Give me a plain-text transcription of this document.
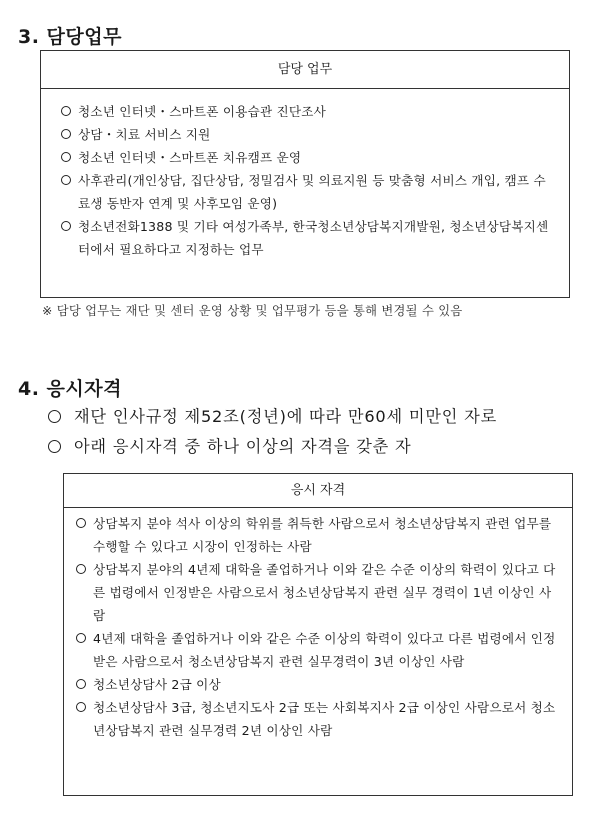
3. 담당업무
담당 업무
청소년 인터넷・스마트폰 이용습관 진단조사
상담・치료 서비스 지원
청소년 인터넷・스마트폰 치유캠프 운영
사후관리(개인상담, 집단상담, 정밀검사 및 의료지원 등 맞춤형 서비스 개입, 캠프 수료생 동반자 연계 및 사후모임 운영)
청소년전화1388 및 기타 여성가족부, 한국청소년상담복지개발원, 청소년상담복지센터에서 필요하다고 지정하는 업무

※ 담당 업무는 재단 및 센터 운영 상황 및 업무평가 등을 통해 변경될 수 있음

4. 응시자격
재단 인사규정 제52조(정년)에 따라 만60세 미만인 자로
아래 응시자격 중 하나 이상의 자격을 갖춘 자
응시 자격
상담복지 분야 석사 이상의 학위를 취득한 사람으로서 청소년상담복지 관련 업무를 수행할 수 있다고 시장이 인정하는 사람
상담복지 분야의 4년제 대학을 졸업하거나 이와 같은 수준 이상의 학력이 있다고 다른 법령에서 인정받은 사람으로서 청소년상담복지 관련 실무 경력이 1년 이상인 사람
4년제 대학을 졸업하거나 이와 같은 수준 이상의 학력이 있다고 다른 법령에서 인정받은 사람으로서 청소년상담복지 관련 실무경력이 3년 이상인 사람
청소년상담사 2급 이상
청소년상담사 3급, 청소년지도사 2급 또는 사회복지사 2급 이상인 사람으로서 청소년상담복지 관련 실무경력 2년 이상인 사람
